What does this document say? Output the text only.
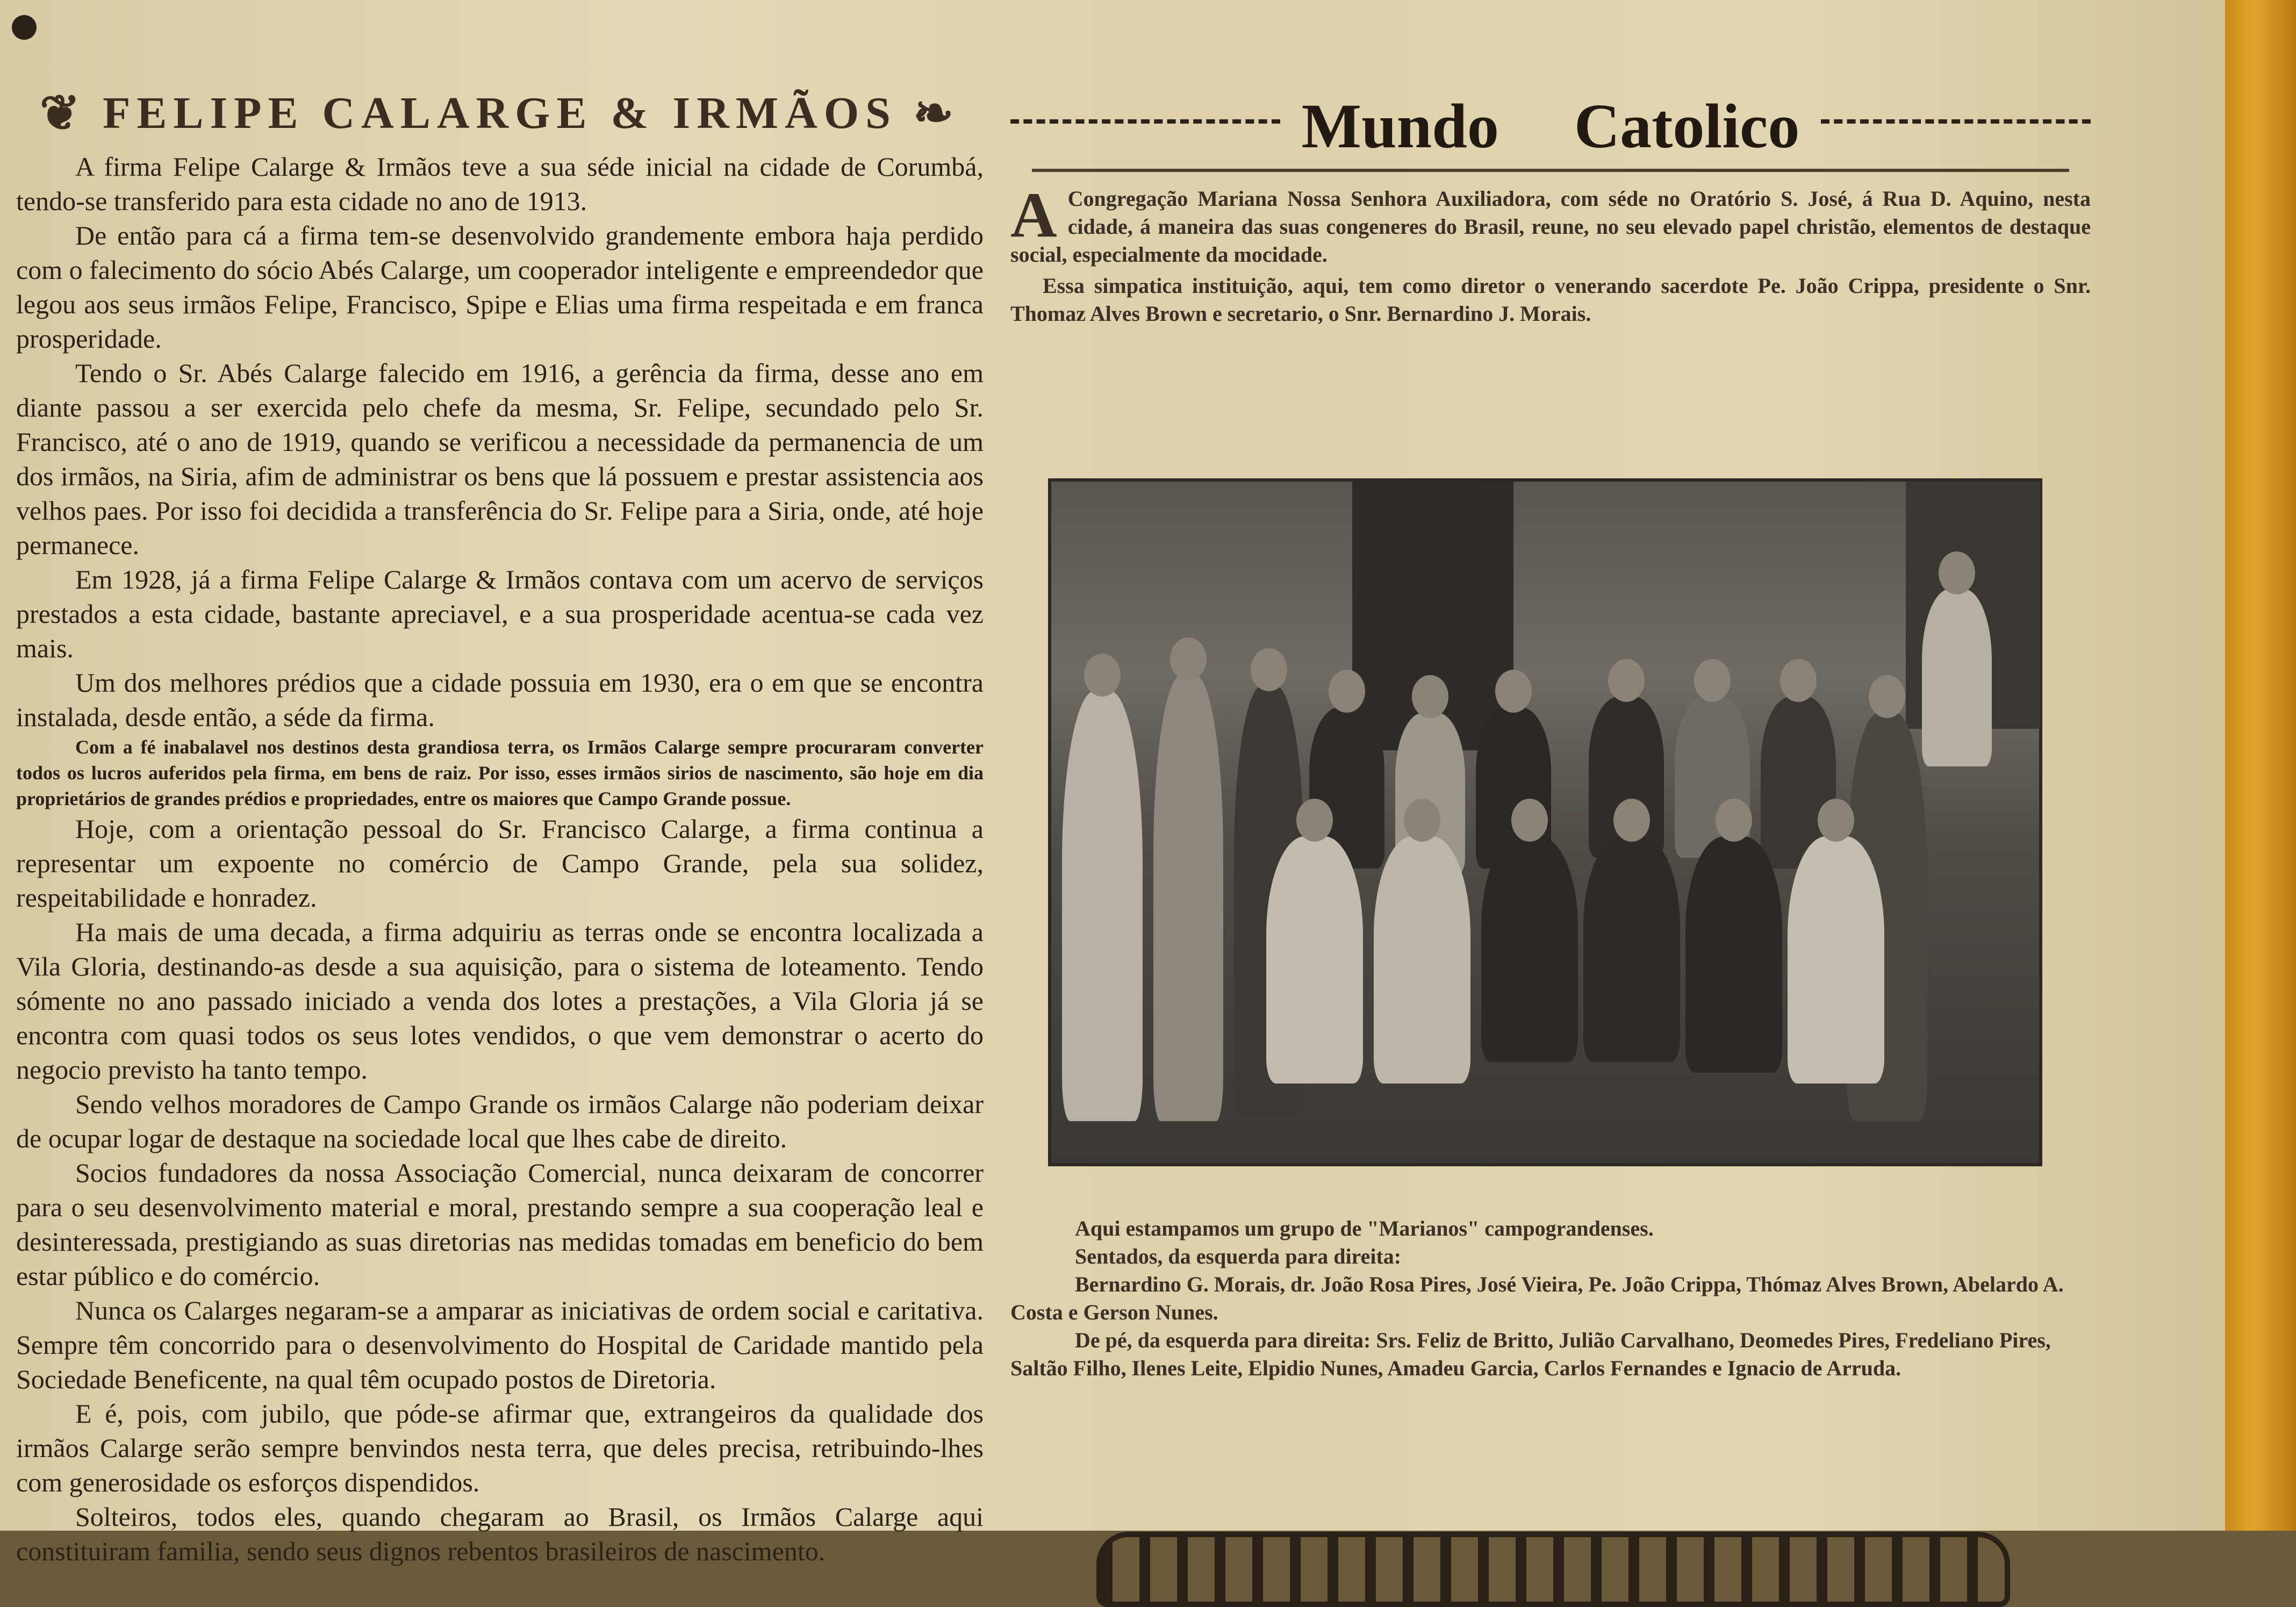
❦ FELIPE CALARGE & IRMÃOS ❧

A firma Felipe Calarge & Irmãos teve a sua séde inicial na cidade de Corumbá, tendo-se transferido para esta cidade no ano de 1913.

De então para cá a firma tem-se desenvolvido grandemente embora haja perdido com o falecimento do sócio Abés Calarge, um cooperador inteligente e empreendedor que legou aos seus irmãos Felipe, Francisco, Spipe e Elias uma firma respeitada e em franca prosperidade.

Tendo o Sr. Abés Calarge falecido em 1916, a gerência da firma, desse ano em diante passou a ser exercida pelo chefe da mesma, Sr. Felipe, secundado pelo Sr. Francisco, até o ano de 1919, quando se verificou a necessidade da permanencia de um dos irmãos, na Siria, afim de administrar os bens que lá possuem e prestar assistencia aos velhos paes. Por isso foi decidida a transferência do Sr. Felipe para a Siria, onde, até hoje permanece.

Em 1928, já a firma Felipe Calarge & Irmãos contava com um acervo de serviços prestados a esta cidade, bastante apreciavel, e a sua prosperidade acentua-se cada vez mais.

Um dos melhores prédios que a cidade possuia em 1930, era o em que se encontra instalada, desde então, a séde da firma.

Com a fé inabalavel nos destinos desta grandiosa terra, os Irmãos Calarge sempre procuraram converter todos os lucros auferidos pela firma, em bens de raiz. Por isso, esses irmãos sirios de nascimento, são hoje em dia proprietários de grandes prédios e propriedades, entre os maiores que Campo Grande possue.

Hoje, com a orientação pessoal do Sr. Francisco Calarge, a firma continua a representar um expoente no comércio de Campo Grande, pela sua solidez, respeitabilidade e honradez.

Ha mais de uma decada, a firma adquiriu as terras onde se encontra localizada a Vila Gloria, destinando-as desde a sua aquisição, para o sistema de loteamento. Tendo sómente no ano passado iniciado a venda dos lotes a prestações, a Vila Gloria já se encontra com quasi todos os seus lotes vendidos, o que vem demonstrar o acerto do negocio previsto ha tanto tempo.

Sendo velhos moradores de Campo Grande os irmãos Calarge não poderiam deixar de ocupar logar de destaque na sociedade local que lhes cabe de direito.

Socios fundadores da nossa Associação Comercial, nunca deixaram de concorrer para o seu desenvolvimento material e moral, prestando sempre a sua cooperação leal e desinteressada, prestigiando as suas diretorias nas medidas tomadas em beneficio do bem estar público e do comércio.

Nunca os Calarges negaram-se a amparar as iniciativas de ordem social e caritativa. Sempre têm concorrido para o desenvolvimento do Hospital de Caridade mantido pela Sociedade Beneficente, na qual têm ocupado postos de Diretoria.

E é, pois, com jubilo, que póde-se afirmar que, extrangeiros da qualidade dos irmãos Calarge serão sempre benvindos nesta terra, que deles precisa, retribuindo-lhes com generosidade os esforços dispendidos.

Solteiros, todos eles, quando chegaram ao Brasil, os Irmãos Calarge aqui constituiram familia, sendo seus dignos rebentos brasileiros de nascimento.

Mundo Catolico

A Congregação Mariana Nossa Senhora Auxiliadora, com séde no Oratório S. José, á Rua D. Aquino, nesta cidade, á maneira das suas congeneres do Brasil, reune, no seu elevado papel christão, elementos de destaque social, especialmente da mocidade.

Essa simpatica instituição, aqui, tem como diretor o venerando sacerdote Pe. João Crippa, presidente o Snr. Thomaz Alves Brown e secretario, o Snr. Bernardino J. Morais.

Aqui estampamos um grupo de "Marianos" campograndenses.

Sentados, da esquerda para direita:

Bernardino G. Morais, dr. João Rosa Pires, José Vieira, Pe. João Crippa, Thómaz Alves Brown, Abelardo A. Costa e Gerson Nunes.

De pé, da esquerda para direita: Srs. Feliz de Britto, Julião Carvalhano, Deomedes Pires, Fredeliano Pires, Saltão Filho, Ilenes Leite, Elpidio Nunes, Amadeu Garcia, Carlos Fernandes e Ignacio de Arruda.
